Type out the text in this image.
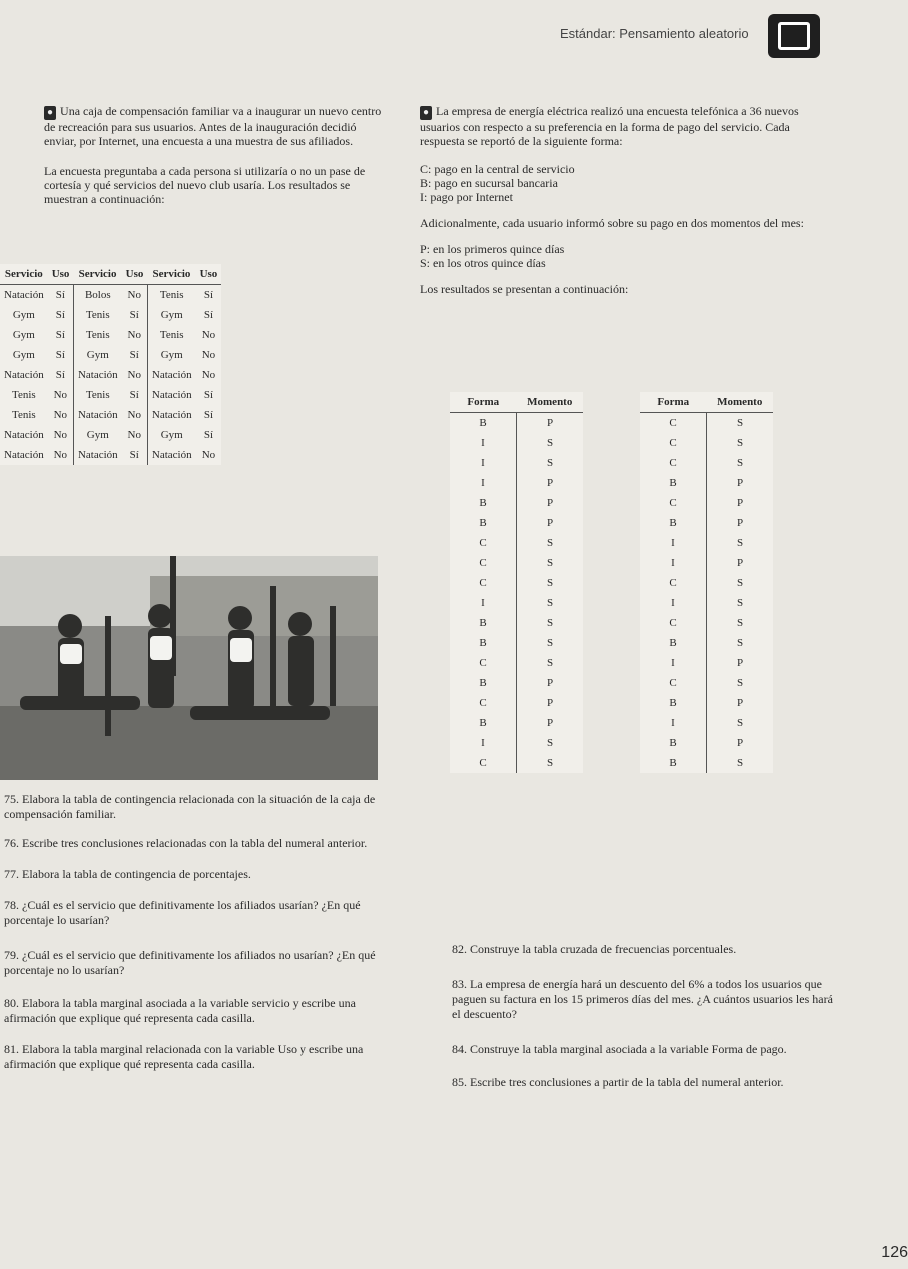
Estándar: Pensamiento aleatorio

● Una caja de compensación familiar va a inaugurar un nuevo centro de recreación para sus usuarios. Antes de la inauguración decidió enviar, por Internet, una encuesta a una muestra de sus afiliados.

La encuesta preguntaba a cada persona si utilizaría o no un pase de cortesía y qué servicios del nuevo club usaría. Los resultados se muestran a continuación:

Servicio	Uso	Servicio	Uso	Servicio	Uso
Natación	Sí	Bolos	No	Tenis	Sí
Gym	Sí	Tenis	Sí	Gym	Sí
Gym	Sí	Tenis	No	Tenis	No
Gym	Sí	Gym	Sí	Gym	No
Natación	Sí	Natación	No	Natación	No
Tenis	No	Tenis	Sí	Natación	Sí
Tenis	No	Natación	No	Natación	Sí
Natación	No	Gym	No	Gym	Sí
Natación	No	Natación	Sí	Natación	No
75. Elabora la tabla de contingencia relacionada con la situación de la caja de compensación familiar.
76. Escribe tres conclusiones relacionadas con la tabla del numeral anterior.
77. Elabora la tabla de contingencia de porcentajes.
78. ¿Cuál es el servicio que definitivamente los afiliados usarían? ¿En qué porcentaje lo usarían?
79. ¿Cuál es el servicio que definitivamente los afiliados no usarían? ¿En qué porcentaje no lo usarían?
80. Elabora la tabla marginal asociada a la variable servicio y escribe una afirmación que explique qué representa cada casilla.
81. Elabora la tabla marginal relacionada con la variable Uso y escribe una afirmación que explique qué representa cada casilla.

● La empresa de energía eléctrica realizó una encuesta telefónica a 36 nuevos usuarios con respecto a su preferencia en la forma de pago del servicio. Cada respuesta se reportó de la siguiente forma:

C: pago en la central de servicio

B: pago en sucursal bancaria

I: pago por Internet

Adicionalmente, cada usuario informó sobre su pago en dos momentos del mes:

P: en los primeros quince días

S: en los otros quince días

Los resultados se presentan a continuación:

Forma	Momento
B	P
I	S
I	S
I	P
B	P
B	P
C	S
C	S
C	S
I	S
B	S
B	S
C	S
B	P
C	P
B	P
I	S
C	S
Forma	Momento
C	S
C	S
C	S
B	P
C	P
B	P
I	S
I	P
C	S
I	S
C	S
B	S
I	P
C	S
B	P
I	S
B	P
B	S
82. Construye la tabla cruzada de frecuencias porcentuales.
83. La empresa de energía hará un descuento del 6% a todos los usuarios que paguen su factura en los 15 primeros días del mes. ¿A cuántos usuarios les hará el descuento?
84. Construye la tabla marginal asociada a la variable Forma de pago.
85. Escribe tres conclusiones a partir de la tabla del numeral anterior.
126
